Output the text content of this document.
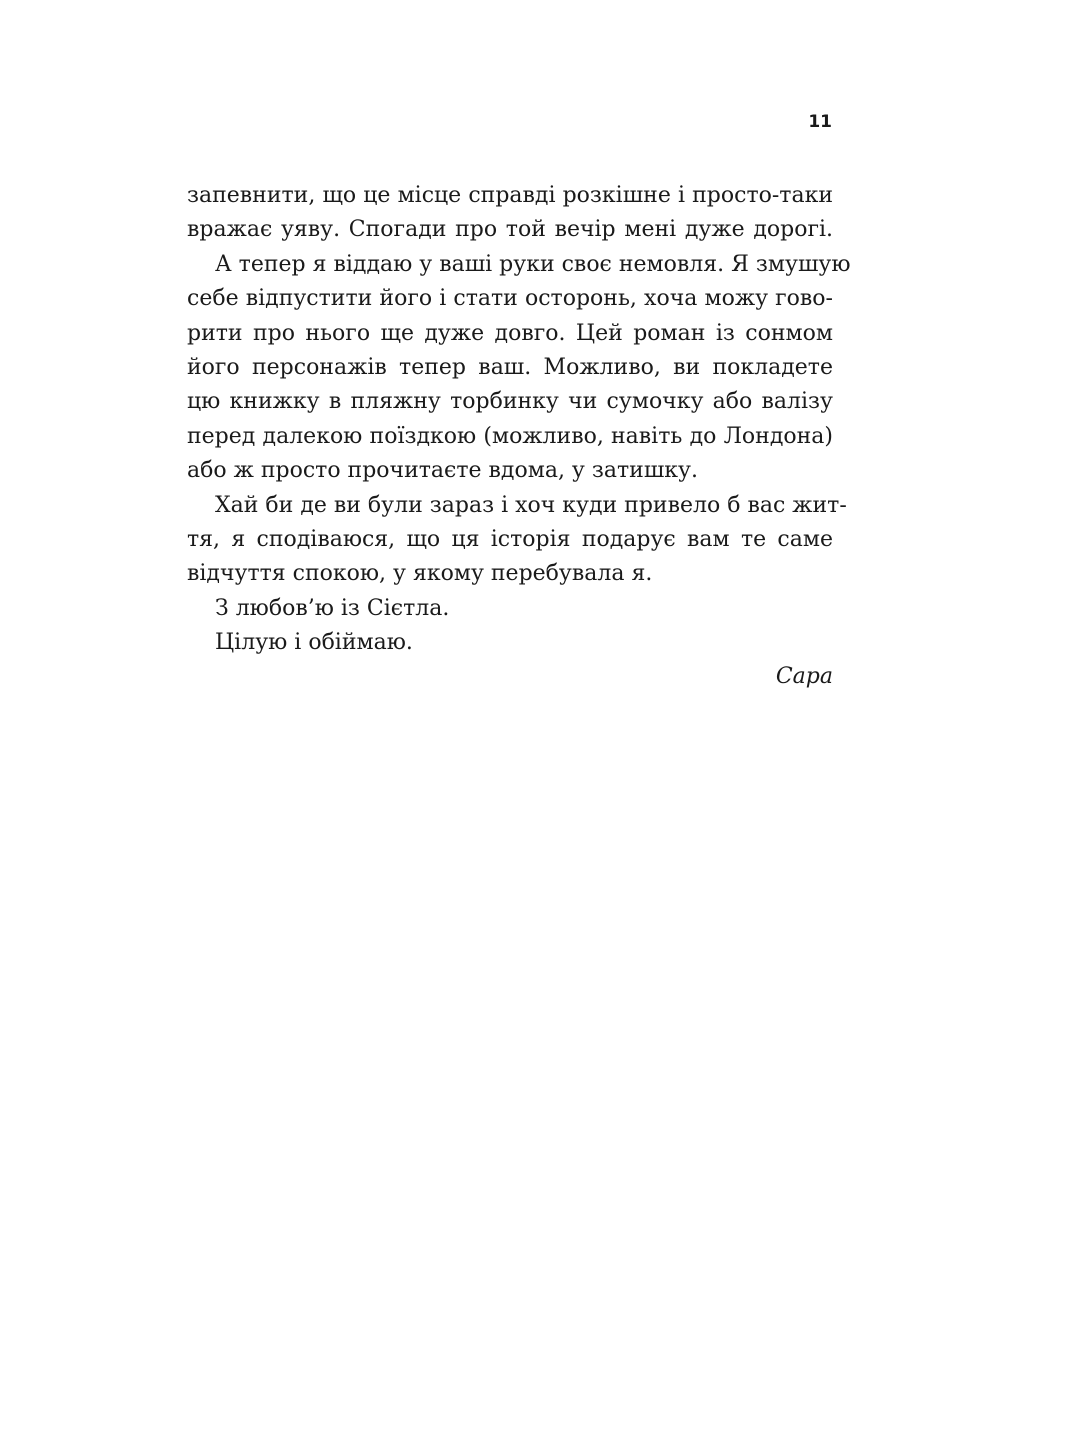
11
запевнити, що це місце справді розкішне і просто-таки
вражає уяву. Спогади про той вечір мені дуже дорогі.
А тепер я віддаю у ваші руки своє немовля. Я змушую
себе відпустити його і стати осторонь, хоча можу гово-
рити про нього ще дуже довго. Цей роман із сонмом
його персонажів тепер ваш. Можливо, ви покладете
цю книжку в пляжну торбинку чи сумочку або валізу
перед далекою поїздкою (можливо, навіть до Лондона)
або ж просто прочитаєте вдома, у затишку.
Хай би де ви були зараз і хоч куди привело б вас жит-
тя, я сподіваюся, що ця історія подарує вам те саме
відчуття спокою, у якому перебувала я.
З любов’ю із Сієтла.
Цілую і обіймаю.
Сара
